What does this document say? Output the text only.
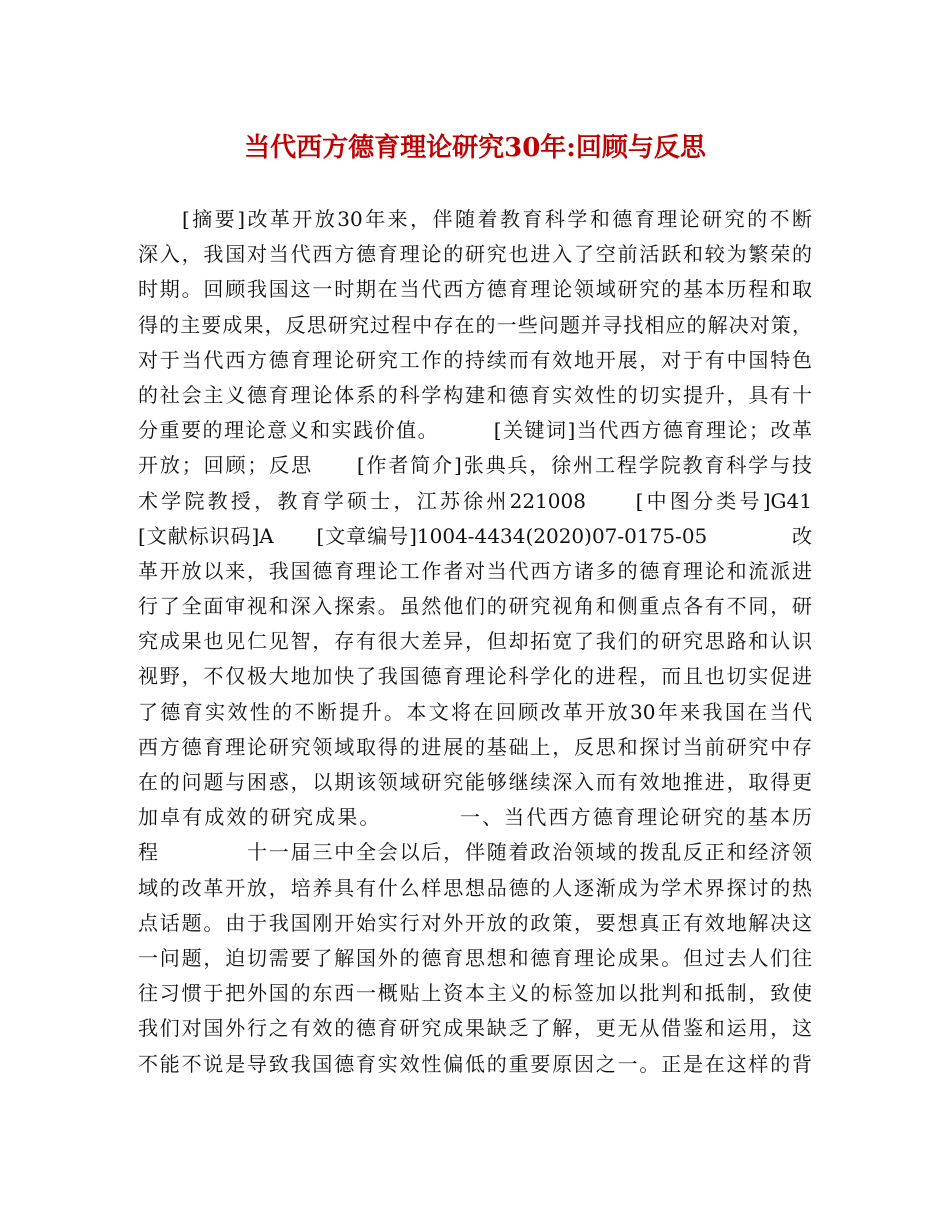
当代西方德育理论研究30年:回顾与反思
[摘要]改革开放30年来，伴随着教育科学和德育理论研究的不断
深入，我国对当代西方德育理论的研究也进入了空前活跃和较为繁荣的
时期。回顾我国这一时期在当代西方德育理论领域研究的基本历程和取
得的主要成果，反思研究过程中存在的一些问题并寻找相应的解决对策，
对于当代西方德育理论研究工作的持续而有效地开展，对于有中国特色
的社会主义德育理论体系的科学构建和德育实效性的切实提升，具有十
分重要的理论意义和实践价值。　　　[关键词]当代西方德育理论；改革
开放；回顾；反思　　[作者简介]张典兵，徐州工程学院教育科学与技
术学院教授，教育学硕士，江苏徐州221008　　[中图分类号]G41
[文献标识码]A　　[文章编号]1004-4434(2020)07-0175-05　　　　改
革开放以来，我国德育理论工作者对当代西方诸多的德育理论和流派进
行了全面审视和深入探索。虽然他们的研究视角和侧重点各有不同，研
究成果也见仁见智，存有很大差异，但却拓宽了我们的研究思路和认识
视野，不仅极大地加快了我国德育理论科学化的进程，而且也切实促进
了德育实效性的不断提升。本文将在回顾改革开放30年来我国在当代
西方德育理论研究领域取得的进展的基础上，反思和探讨当前研究中存
在的问题与困惑，以期该领域研究能够继续深入而有效地推进，取得更
加卓有成效的研究成果。　　　　一、当代西方德育理论研究的基本历
程　　　　十一届三中全会以后，伴随着政治领域的拨乱反正和经济领
域的改革开放，培养具有什么样思想品德的人逐渐成为学术界探讨的热
点话题。由于我国刚开始实行对外开放的政策，要想真正有效地解决这
一问题，迫切需要了解国外的德育思想和德育理论成果。但过去人们往
往习惯于把外国的东西一概贴上资本主义的标签加以批判和抵制，致使
我们对国外行之有效的德育研究成果缺乏了解，更无从借鉴和运用，这
不能不说是导致我国德育实效性偏低的重要原因之一。正是在这样的背
